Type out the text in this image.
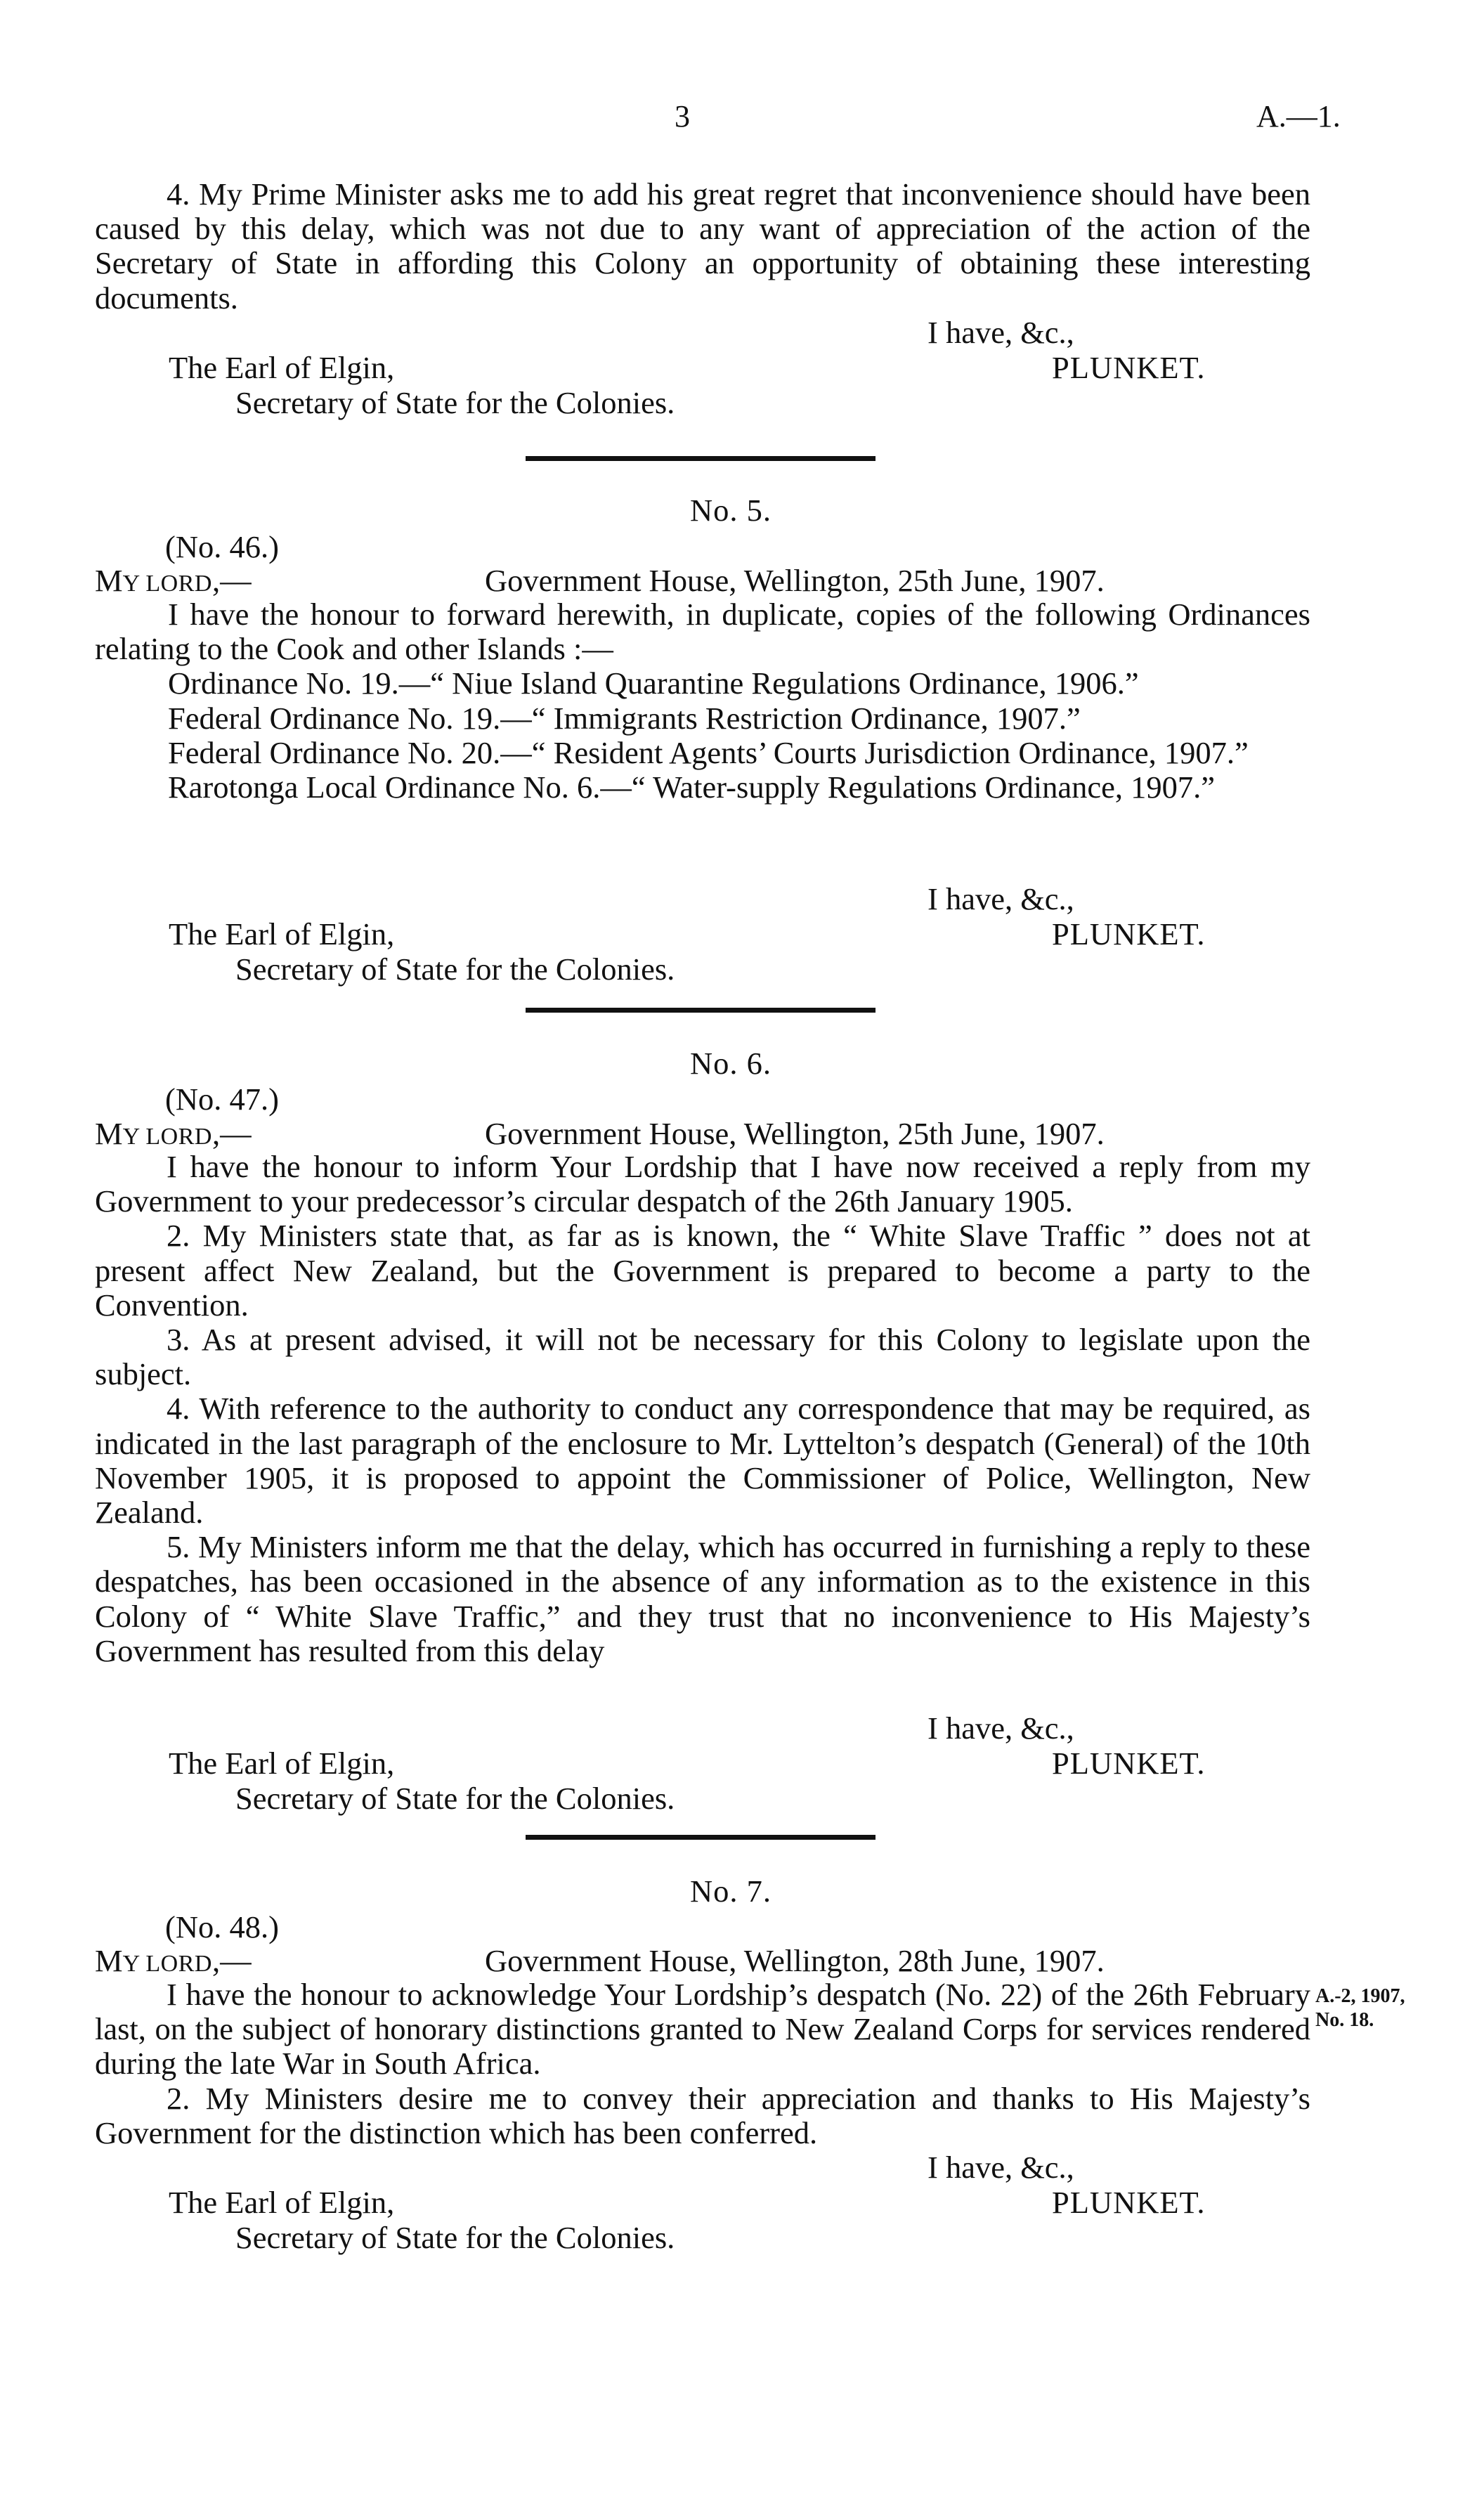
3	A.—1.

4. My Prime Minister asks me to add his great regret that inconvenience should have been caused by this delay, which was not due to any want of appreciation of the action of the Secretary of State in affording this Colony an opportunity of obtaining these interesting documents.

I have, &c.,
The Earl of Elgin,	PLUNKET.
Secretary of State for the Colonies.
No. 5.
(No. 46.)
MY LORD,—	Government House, Wellington, 25th June, 1907.

I have the honour to forward herewith, in duplicate, copies of the following Ordinances relating to the Cook and other Islands :—

Ordinance No. 19.—“ Niue Island Quarantine Regulations Ordinance, 1906.”

Federal Ordinance No. 19.—“ Immigrants Restriction Ordinance, 1907.”

Federal Ordinance No. 20.—“ Resident Agents’ Courts Jurisdiction Ordinance, 1907.”

Rarotonga Local Ordinance No. 6.—“ Water-supply Regulations Ordinance, 1907.”

I have, &c.,
The Earl of Elgin,	PLUNKET.
Secretary of State for the Colonies.
No. 6.
(No. 47.)
MY LORD,—	Government House, Wellington, 25th June, 1907.

I have the honour to inform Your Lordship that I have now received a reply from my Government to your predecessor’s circular despatch of the 26th January 1905.

2. My Ministers state that, as far as is known, the “ White Slave Traffic ” does not at present affect New Zealand, but the Government is prepared to become a party to the Convention.

3. As at present advised, it will not be necessary for this Colony to legislate upon the subject.

4. With reference to the authority to conduct any correspondence that may be required, as indicated in the last paragraph of the enclosure to Mr. Lyttelton’s despatch (General) of the 10th November 1905, it is proposed to appoint the Commissioner of Police, Wellington, New Zealand.

5. My Ministers inform me that the delay, which has occurred in furnishing a reply to these despatches, has been occasioned in the absence of any information as to the existence in this Colony of “ White Slave Traffic,” and they trust that no inconvenience to His Majesty’s Government has resulted from this delay

I have, &c.,
The Earl of Elgin,	PLUNKET.
Secretary of State for the Colonies.
No. 7.
(No. 48.)
MY LORD,—	Government House, Wellington, 28th June, 1907.

I have the honour to acknowledge Your Lordship’s despatch (No. 22) of the 26th February last, on the subject of honorary distinctions granted to New Zealand Corps for services rendered during the late War in South Africa.

2. My Ministers desire me to convey their appreciation and thanks to His Majesty’s Government for the distinction which has been conferred.

A.-2, 1907,
No. 18.
I have, &c.,
The Earl of Elgin,	PLUNKET.
Secretary of State for the Colonies.
